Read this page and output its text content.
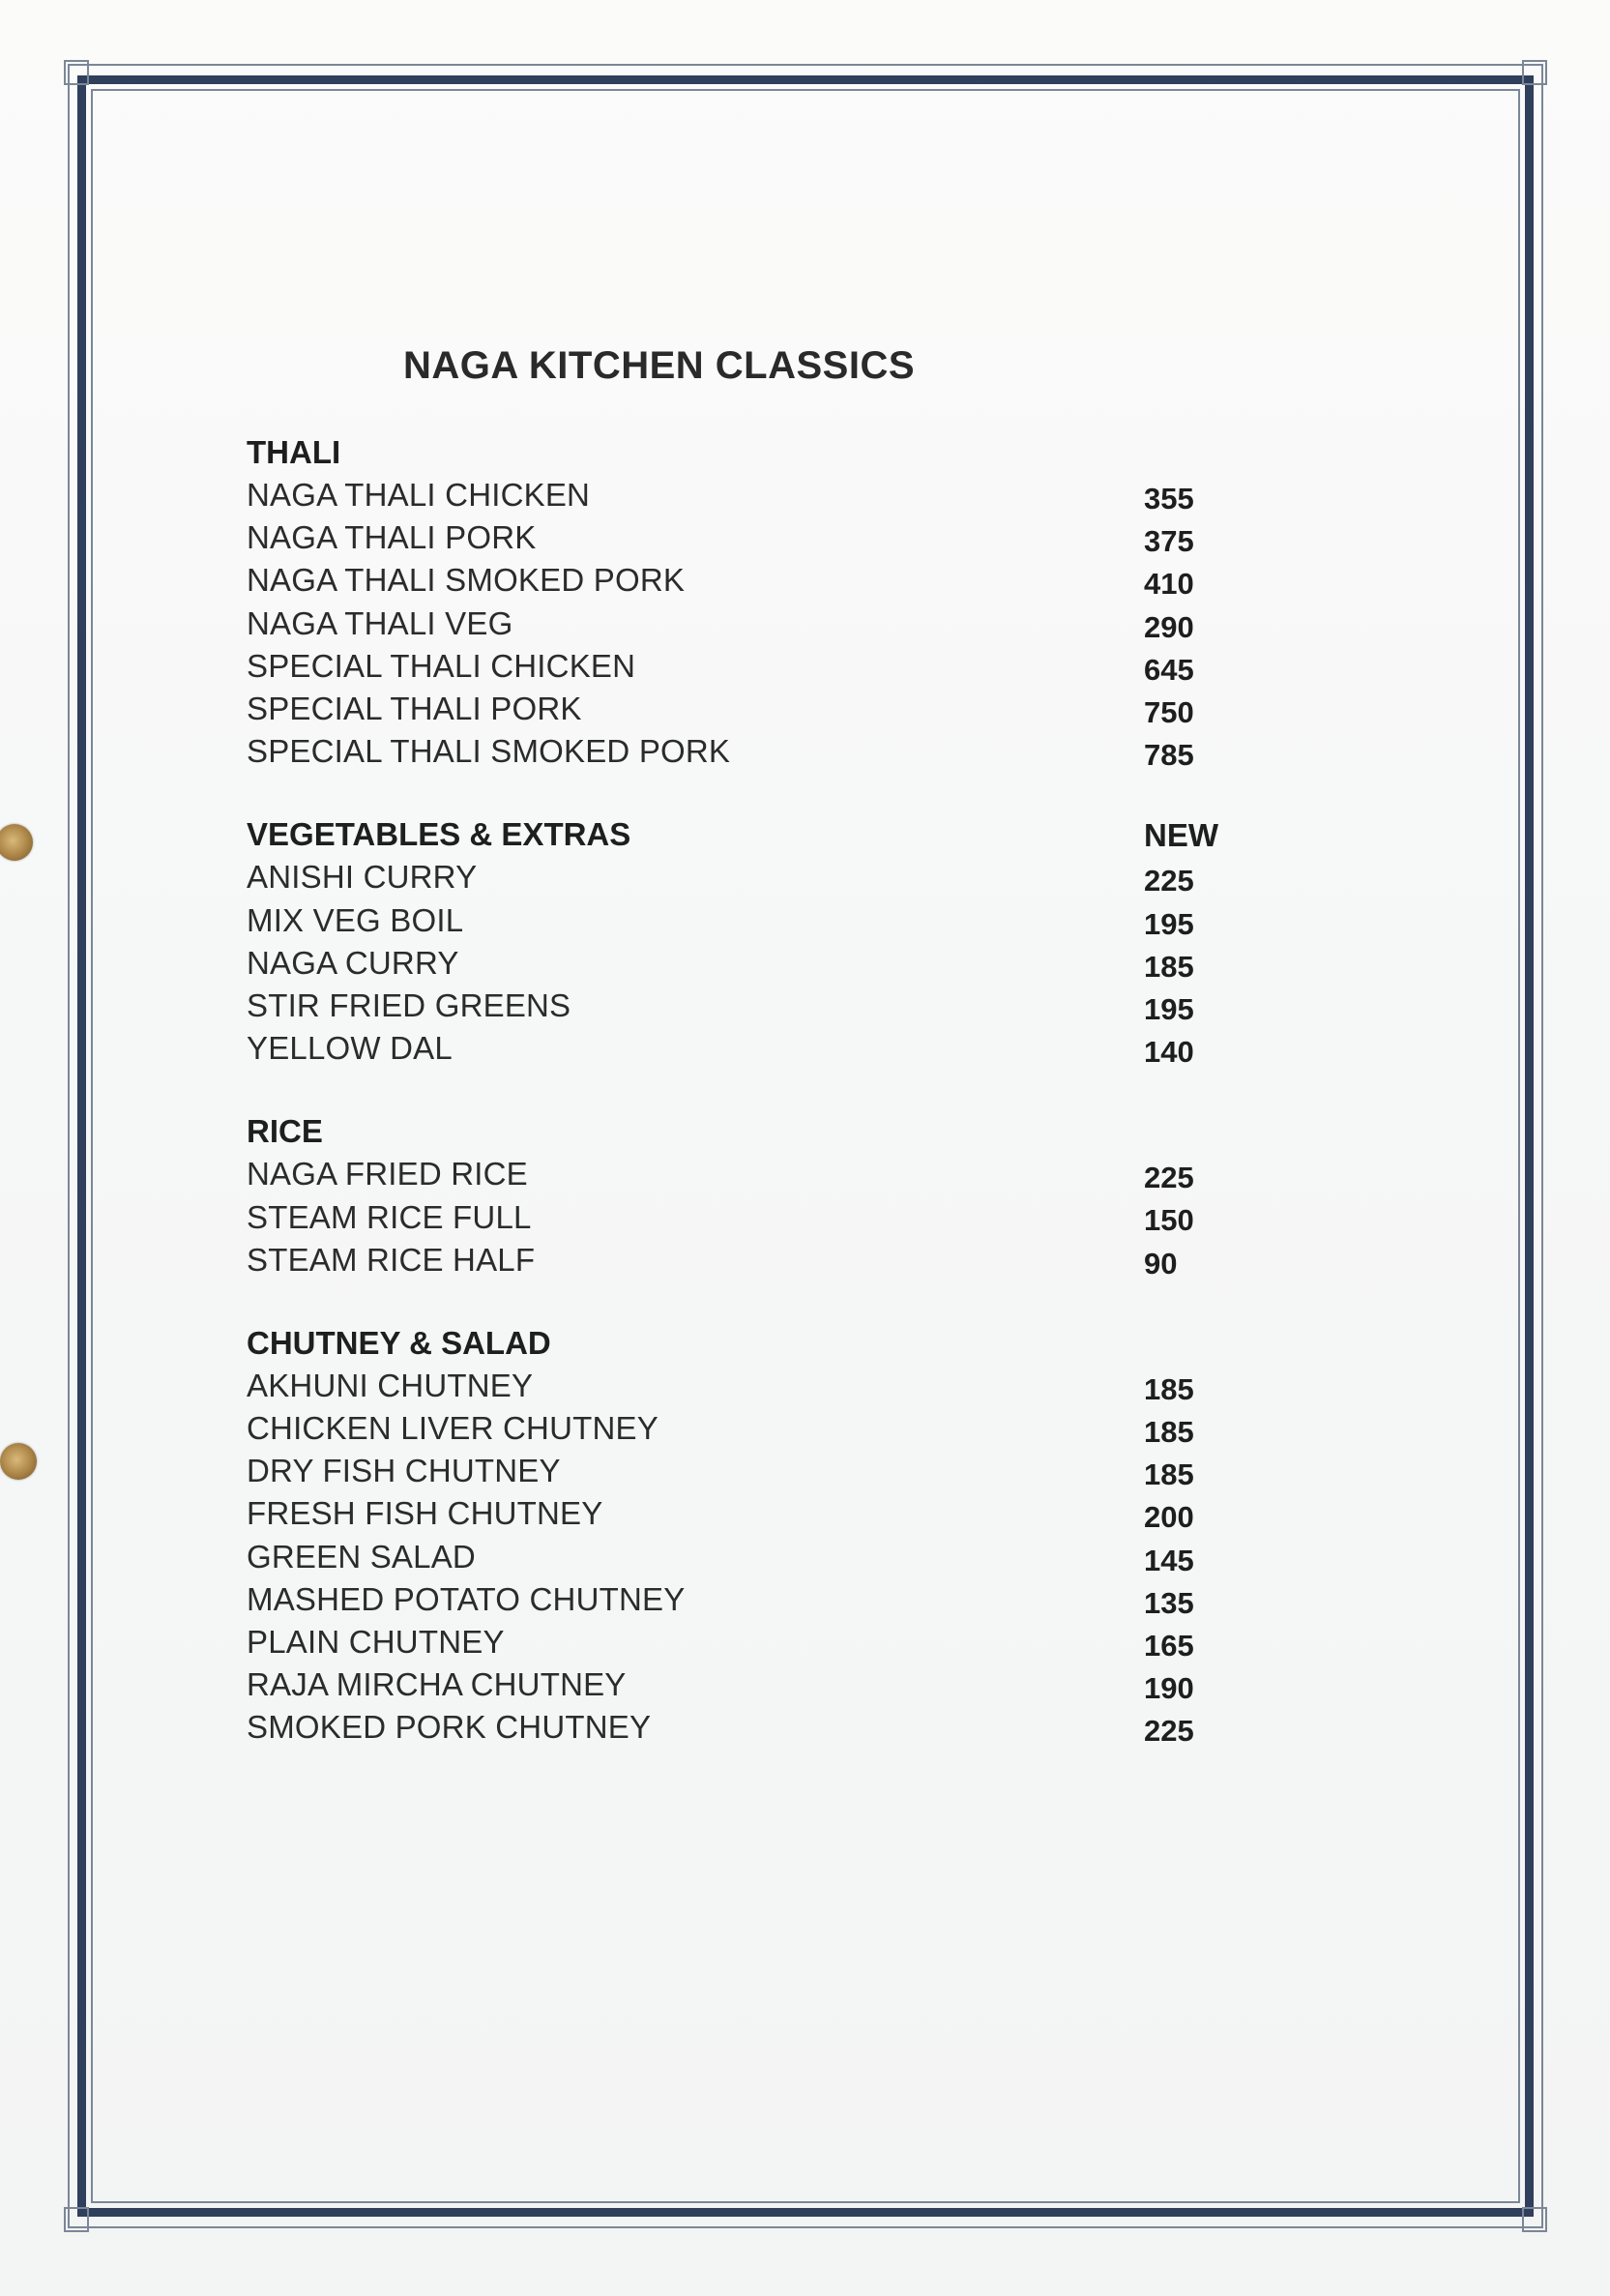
NAGA KITCHEN CLASSICS
THALI
NAGA THALI CHICKEN	355
NAGA THALI PORK	375
NAGA THALI SMOKED PORK	410
NAGA THALI VEG	290
SPECIAL THALI CHICKEN	645
SPECIAL THALI PORK	750
SPECIAL THALI SMOKED PORK	785
VEGETABLES & EXTRAS	NEW
ANISHI CURRY	225
MIX VEG BOIL	195
NAGA CURRY	185
STIR FRIED GREENS	195
YELLOW DAL	140
RICE
NAGA FRIED RICE	225
STEAM RICE FULL	150
STEAM RICE HALF	90
CHUTNEY & SALAD
AKHUNI CHUTNEY	185
CHICKEN LIVER CHUTNEY	185
DRY FISH CHUTNEY	185
FRESH FISH CHUTNEY	200
GREEN SALAD	145
MASHED POTATO CHUTNEY	135
PLAIN CHUTNEY	165
RAJA MIRCHA CHUTNEY	190
SMOKED PORK CHUTNEY	225
